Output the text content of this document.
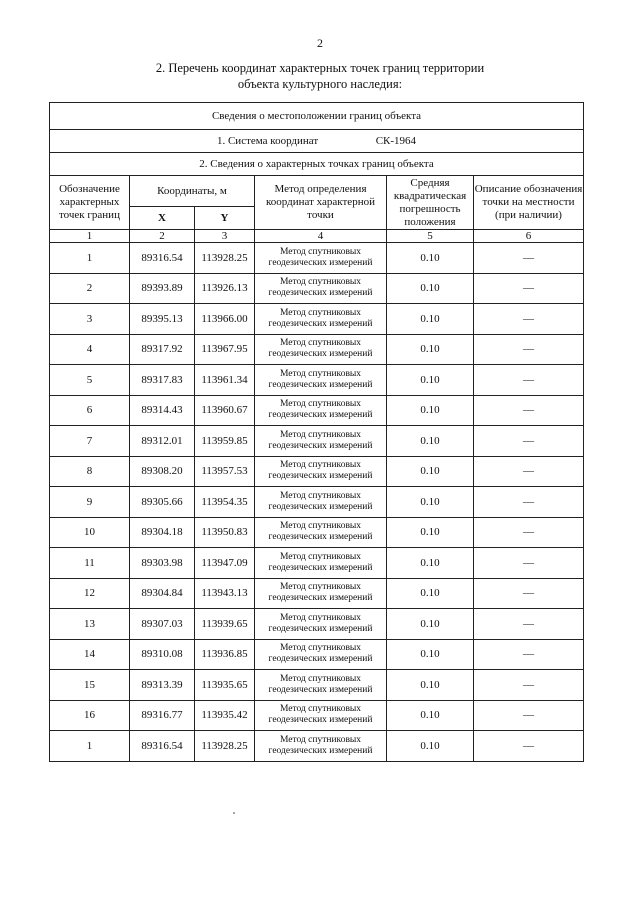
2
2. Перечень координат характерных точек границ территории
объекта культурного наследия:
Сведения о местоположении границ объекта					
1. Система координат СК-1964					
2. Сведения о характерных точках границ объекта					
Обозначение характерных точек границ	Координаты, м		Метод определения координат характерной точки	Средняя квадратическая погрешность положения	Описание обозначения точки на местности (при наличии)
	X	Y			
1	2	3	4	5	6
1	89316.54	113928.25	Метод спутниковых
геодезических измерений	0.10	—
2	89393.89	113926.13	Метод спутниковых
геодезических измерений	0.10	—
3	89395.13	113966.00	Метод спутниковых
геодезических измерений	0.10	—
4	89317.92	113967.95	Метод спутниковых
геодезических измерений	0.10	—
5	89317.83	113961.34	Метод спутниковых
геодезических измерений	0.10	—
6	89314.43	113960.67	Метод спутниковых
геодезических измерений	0.10	—
7	89312.01	113959.85	Метод спутниковых
геодезических измерений	0.10	—
8	89308.20	113957.53	Метод спутниковых
геодезических измерений	0.10	—
9	89305.66	113954.35	Метод спутниковых
геодезических измерений	0.10	—
10	89304.18	113950.83	Метод спутниковых
геодезических измерений	0.10	—
11	89303.98	113947.09	Метод спутниковых
геодезических измерений	0.10	—
12	89304.84	113943.13	Метод спутниковых
геодезических измерений	0.10	—
13	89307.03	113939.65	Метод спутниковых
геодезических измерений	0.10	—
14	89310.08	113936.85	Метод спутниковых
геодезических измерений	0.10	—
15	89313.39	113935.65	Метод спутниковых
геодезических измерений	0.10	—
16	89316.77	113935.42	Метод спутниковых
геодезических измерений	0.10	—
1	89316.54	113928.25	Метод спутниковых
геодезических измерений	0.10	—
